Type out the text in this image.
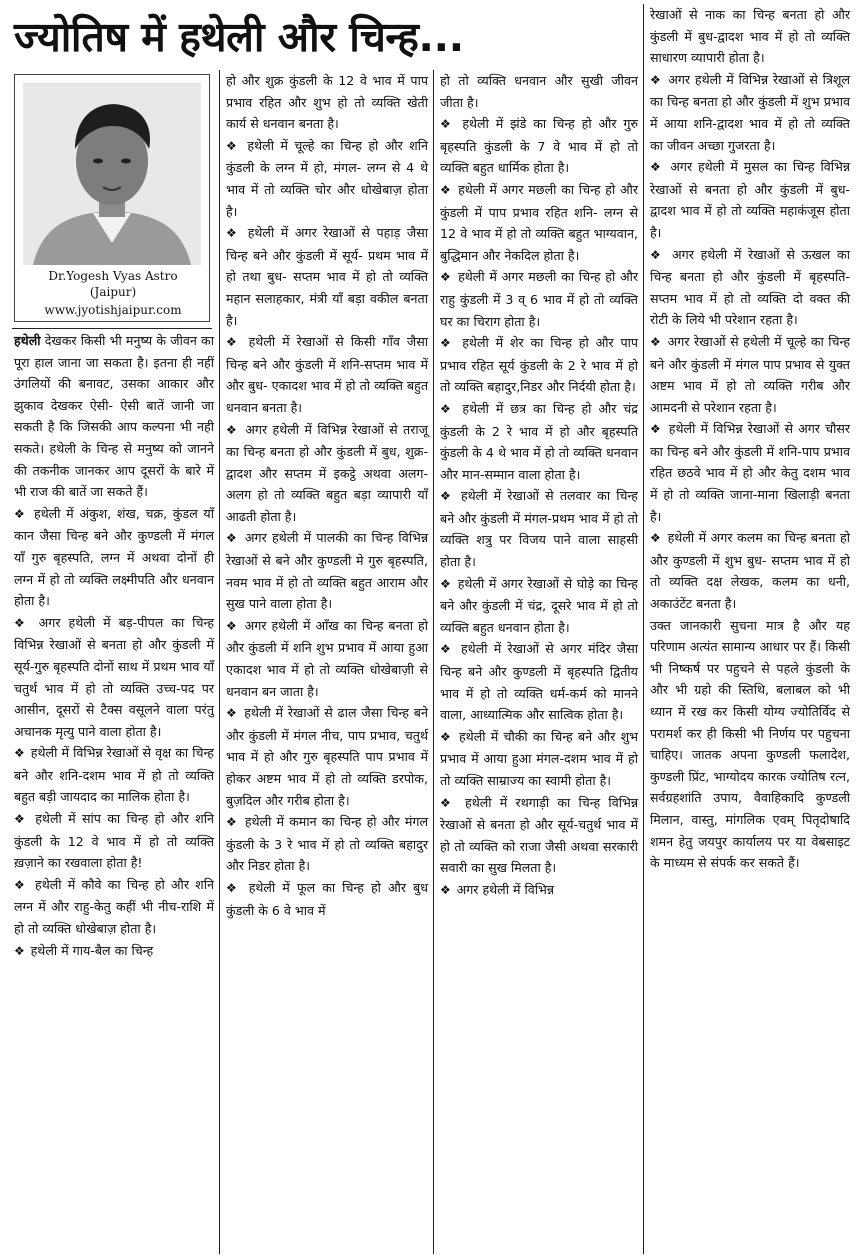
ज्योतिष में हथेली और चिन्ह...
Dr.Yogesh Vyas Astro
(Jaipur)
www.jyotishjaipur.com

हथेली देखकर किसी भी मनुष्य के जीवन का पूरा हाल जाना जा सकता है। इतना ही नहीं उंगलियों की बनावट, उसका आकार और झुकाव देखकर ऐसी- ऐसी बातें जानी जा सकती है कि जिसकी आप कल्पना भी नही सकते। हथेली के चिन्ह से मनुष्य को जानने की तकनीक जानकर आप दूसरों के बारे में भी राज की बातें जा सकते हैं।

❖ हथेली में अंकुश, शंख, चक्र, कुंडल याँ कान जैसा चिन्ह बने और कुण्डली में मंगल याँ गुरु बृहस्पति, लग्न में अथवा दोनों ही लग्न में हो तो व्यक्ति लक्ष्मीपति और धनवान होता है।

❖ अगर हथेली में बड़-पीपल का चिन्ह विभिन्न रेखाओं से बनता हो और कुंडली में सूर्य-गुरु बृहस्पति दोनों साथ में प्रथम भाव याँ चतुर्थ भाव में हो तो व्यक्ति उच्च-पद पर आसीन, दूसरों से टैक्स वसूलने वाला परंतु अचानक मृत्यु पाने वाला होता है।

❖ हथेली में विभिन्न रेखाओं से वृक्ष का चिन्ह बने और शनि-दशम भाव में हो तो व्यक्ति बहुत बड़ी जायदाद का मालिक होता है।

❖ हथेली में सांप का चिन्ह हो और शनि कुंडली के 12 वे भाव में हो तो व्यक्ति ख़ज़ाने का रखवाला होता है!

❖ हथेली में कौवे का चिन्ह हो और शनि लग्न में और राहु-केतु कहीं भी नीच-राशि में हो तो व्यक्ति धोखेबाज़ होता है।

❖ हथेली में गाय-बैल का चिन्ह

हो और शुक्र कुंडली के 12 वे भाव में पाप प्रभाव रहित और शुभ हो तो व्यक्ति खेती कार्य से धनवान बनता है।

❖ हथेली में चूल्हे का चिन्ह हो और शनि कुंडली के लग्न में हो, मंगल- लग्न से 4 थे भाव में तो व्यक्ति चोर और धोखेबाज़ होता है।

❖ हथेली में अगर रेखाओं से पहाड़ जैसा चिन्ह बने और कुंडली में सूर्य- प्रथम भाव में हो तथा बुध- सप्तम भाव में हो तो व्यक्ति महान सलाहकार, मंत्री याँ बड़ा वकील बनता है।

❖ हथेली में रेखाओं से किसी गाँव जैसा चिन्ह बने और कुंडली में शनि-सप्तम भाव में और बुध- एकादश भाव में हो तो व्यक्ति बहुत धनवान बनता है।

❖ अगर हथेली में विभिन्न रेखाओं से तराजू का चिन्ह बनता हो और कुंडली में बुध, शुक्र-द्वादश और सप्तम में इकट्ठे अथवा अलग-अलग हो तो व्यक्ति बहुत बड़ा व्यापारी याँ आढती होता है।

❖ अगर हथेली में पालकी का चिन्ह विभिन्न रेखाओं से बने और कुण्डली मे गुरु बृहस्पति, नवम भाव में हो तो व्यक्ति बहुत आराम और सुख पाने वाला होता है।

❖ अगर हथेली में आँख का चिन्ह बनता हो और कुंडली में शनि शुभ प्रभाव में आया हुआ एकादश भाव में हो तो व्यक्ति धोखेबाज़ी से धनवान बन जाता है।

❖ हथेली में रेखाओं से ढाल जैसा चिन्ह बने और कुंडली में मंगल नीच, पाप प्रभाव, चतुर्थ भाव में हो और गुरु बृहस्पति पाप प्रभाव में होकर अष्टम भाव में हो तो व्यक्ति डरपोक, बुज़दिल और गरीब होता है।

❖ हथेली में कमान का चिन्ह हो और मंगल कुंडली के 3 रे भाव में हो तो व्यक्ति बहादुर और निडर होता है।

❖ हथेली में फूल का चिन्ह हो और बुध कुंडली के 6 वे भाव में

हो तो व्यक्ति धनवान और सुखी जीवन जीता है।

❖ हथेली में झंडे का चिन्ह हो और गुरु बृहस्पति कुंडली के 7 वे भाव में हो तो व्यक्ति बहुत धार्मिक होता है।

❖ हथेली में अगर मछली का चिन्ह हो और कुंडली में पाप प्रभाव रहित शनि- लग्न से 12 वे भाव में हो तो व्यक्ति बहुत भाग्यवान, बुद्धिमान और नेकदिल होता है।

❖ हथेली में अगर मछली का चिन्ह हो और राहु कुंडली में 3 व् 6 भाव में हो तो व्यक्ति घर का चिराग होता है।

❖ हथेली में शेर का चिन्ह हो और पाप प्रभाव रहित सूर्य कुंडली के 2 रे भाव में हो तो व्यक्ति बहादुर,निडर और निर्दयी होता है।

❖ हथेली में छत्र का चिन्ह हो और चंद्र कुंडली के 2 रे भाव में हो और बृहस्पति कुंडली के 4 थे भाव में हो तो व्यक्ति धनवान और मान-सम्मान वाला होता है।

❖ हथेली में रेखाओं से तलवार का चिन्ह बने और कुंडली में मंगल-प्रथम भाव में हो तो व्यक्ति शत्रु पर विजय पाने वाला साहसी होता है।

❖ हथेली में अगर रेखाओं से घोड़े का चिन्ह बने और कुंडली में चंद्र, दूसरे भाव में हो तो व्यक्ति बहुत धनवान होता है।

❖ हथेली में रेखाओं से अगर मंदिर जैसा चिन्ह बने और कुण्डली में बृहस्पति द्वितीय भाव में हो तो व्यक्ति धर्म-कर्म को मानने वाला, आध्यात्मिक और सात्विक होता है।

❖ हथेली में चौकी का चिन्ह बने और शुभ प्रभाव में आया हुआ मंगल-दशम भाव में हो तो व्यक्ति साम्राज्य का स्वामी होता है।

❖ हथेली में रथगाड़ी का चिन्ह विभिन्न रेखाओं से बनता हो और सूर्य-चतुर्थ भाव में हो तो व्यक्ति को राजा जैसी अथवा सरकारी सवारी का सुख मिलता है।

❖ अगर हथेली में विभिन्न

रेखाओं से नाक का चिन्ह बनता हो और कुंडली में बुध-द्वादश भाव में हो तो व्यक्ति साधारण व्यापारी होता है।

❖ अगर हथेली में विभिन्न रेखाओं से त्रिशूल का चिन्ह बनता हो और कुंडली में शुभ प्रभाव में आया शनि-द्वादश भाव में हो तो व्यक्ति का जीवन अच्छा गुजरता है।

❖ अगर हथेली में मुसल का चिन्ह विभिन्न रेखाओं से बनता हो और कुंडली में बुध-द्वादश भाव में हो तो व्यक्ति महाकंजूस होता है।

❖ अगर हथेली में रेखाओं से ऊखल का चिन्ह बनता हो और कुंडली में बृहस्पति-सप्तम भाव में हो तो व्यक्ति दो वक्त की रोटी के लिये भी परेशान रहता है।

❖ अगर रेखाओं से हथेली में चूल्हे का चिन्ह बने और कुंडली में मंगल पाप प्रभाव से युक्त अष्टम भाव में हो तो व्यक्ति गरीब और आमदनी से परेशान रहता है।

❖ हथेली में विभिन्न रेखाओं से अगर चौसर का चिन्ह बने और कुंडली में शनि-पाप प्रभाव रहित छठवे भाव में हो और केतु दशम भाव में हो तो व्यक्ति जाना-माना खिलाड़ी बनता है।

❖ हथेली में अगर कलम का चिन्ह बनता हो और कुण्डली में शुभ बुध- सप्तम भाव में हो तो व्यक्ति दक्ष लेखक, कलम का धनी, अकाउंटेंट बनता है।

उक्त जानकारी सुचना मात्र है और यह परिणाम अत्यंत सामान्य आधार पर हैं। किसी भी निष्कर्ष पर पहुचने से पहले कुंडली के और भी ग्रहो की स्तिथि, बलाबल को भी ध्यान में रख कर किसी योग्य ज्योतिर्विद से परामर्श कर ही किसी भी निर्णय पर पहुचना चाहिए। जातक अपना कुण्डली फलादेश, कुण्डली प्रिंट, भाग्योदय कारक ज्योतिष रत्न, सर्वग्रहशांति उपाय, वैवाहिकादि कुण्डली मिलान, वास्तु, मांगलिक एवम् पितृदोषादि शमन हेतु जयपुर कार्यालय पर या वेबसाइट के माध्यम से संपर्क कर सकते हैं।
